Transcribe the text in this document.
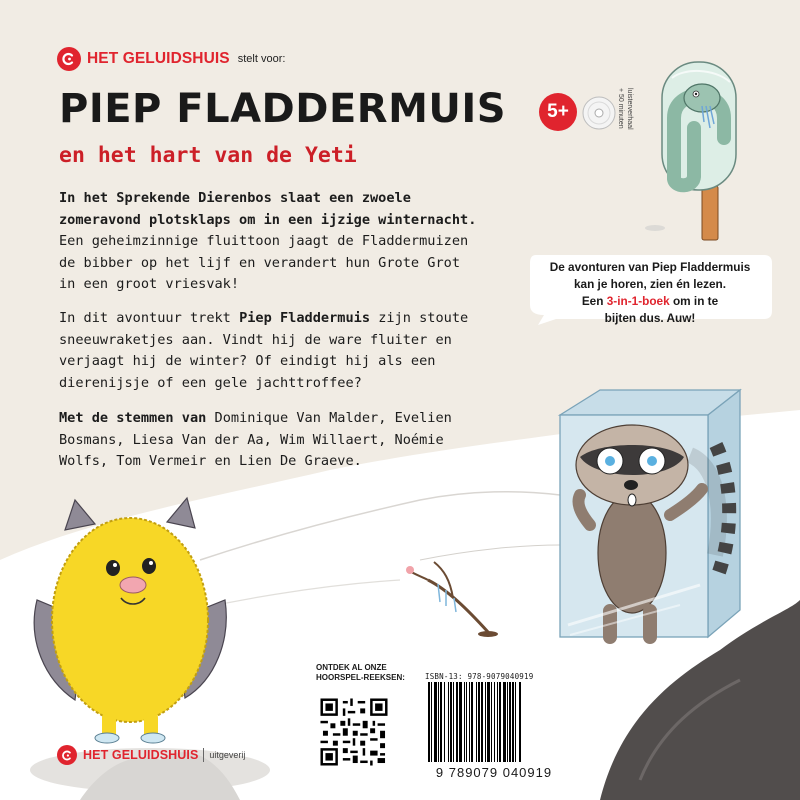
HET GELUIDSHUIS stelt voor:
PIEP FLADDERMUIS	5+	luisterverhaal
+ 50 minuten
en het hart van de Yeti

In het Sprekende Dierenbos slaat een zwoele zomeravond plotsklaps om in een ijzige winternacht. Een geheimzinnige fluittoon jaagt de Fladdermuizen de bibber op het lijf en verandert hun Grote Grot in een groot vriesvak!

In dit avontuur trekt Piep Fladdermuis zijn stoute sneeuwraketjes aan. Vindt hij de ware fluiter en verjaagt hij de winter? Of eindigt hij als een dierenijsje of een gele jachttroffee?

Met de stemmen van Dominique Van Malder, Evelien Bosmans, Liesa Van der Aa, Wim Willaert, Noémie Wolfs, Tom Vermeir en Lien De Graeve.

De avonturen van Piep Fladdermuis
kan je horen, zien én lezen.
Een 3-in-1-boek om in te
bijten dus. Auw!
ONTDEK AL ONZE HOORSPEL-REEKSEN:	ISBN-13: 978-9079040919
9 789079 040919
HET GELUIDSHUIS uitgeverij
